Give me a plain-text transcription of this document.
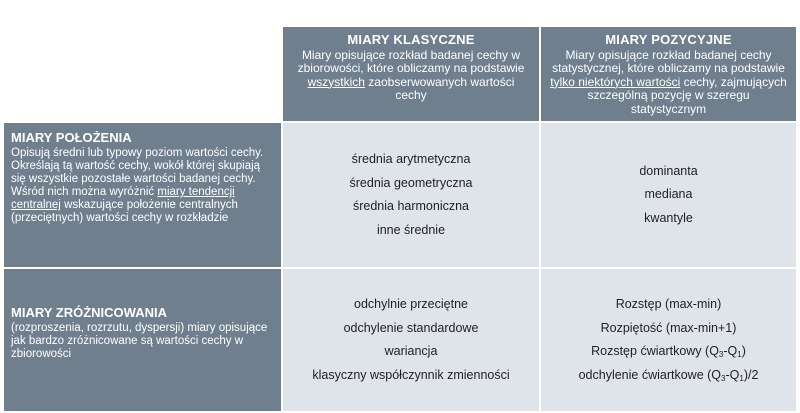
MIARY KLASYCZNE
Miary opisujące rozkład badanej cechy w zbiorowości, które obliczamy na podstawie wszystkich zaobserwowanych wartości cechy
MIARY POZYCYJNE
Miary opisujące rozkład badanej cechy statystycznej, które obliczamy na podstawie tylko niektórych wartości cechy, zajmujących szczególną pozycję w szeregu statystycznym
MIARY POŁOŻENIA
Opisują średni lub typowy poziom wartości cechy. Określają tą wartość cechy, wokół której skupiają się wszystkie pozostałe wartości badanej cechy.
Wśród nich można wyróżnić miary tendencji centralnej wskazujące położenie centralnych (przeciętnych) wartości cechy w rozkładzie
średnia arytmetyczna
średnia geometryczna
średnia harmoniczna
inne średnie
dominanta
mediana
kwantyle
MIARY ZRÓŻNICOWANIA
(rozproszenia, rozrzutu, dyspersji) miary opisujące jak bardzo zróżnicowane są wartości cechy w zbiorowości
odchylnie przeciętne
odchylenie standardowe
wariancja
klasyczny współczynnik zmienności
Rozstęp (max-min)
Rozpiętość (max-min+1)
Rozstęp ćwiartkowy $(Q_3-Q_1)$
odchylenie ćwiartkowe $(Q_3-Q_1)/2$
